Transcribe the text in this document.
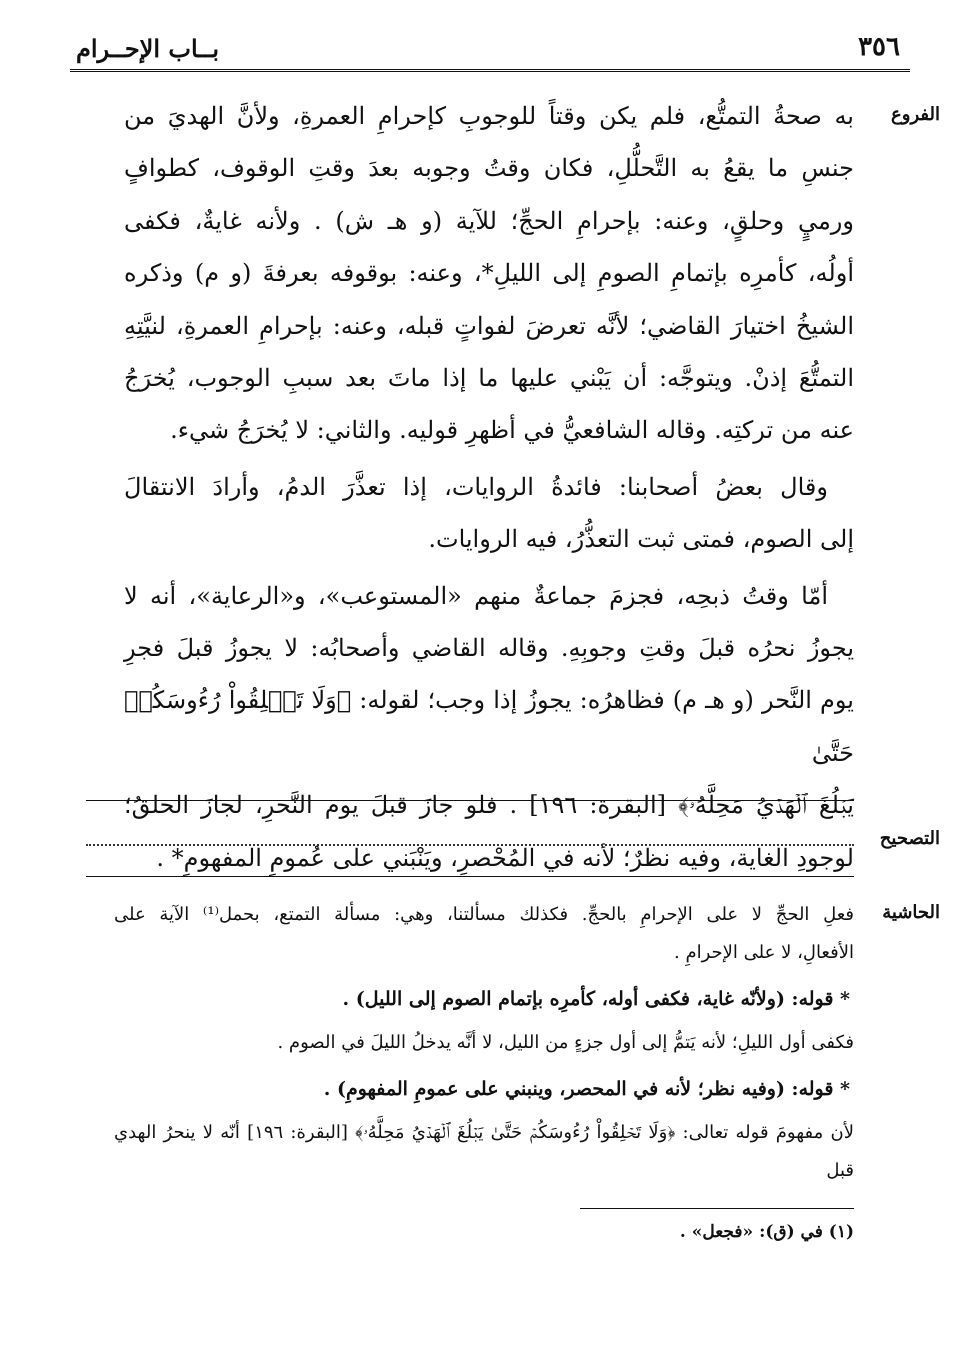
٣٥٦
بــاب الإحــرام
الفروع

به صحةُ التمتُّع، فلم يكن وقتاً للوجوبِ كإحرامِ العمرةِ، ولأنَّ الهديَ من

جنسِ ما يقعُ به التَّحلُّلِ، فكان وقتُ وجوبه بعدَ وقتِ الوقوف، كطوافٍ

ورميٍ وحلقٍ، وعنه: بإحرامِ الحجِّ؛ للآية (و هـ ش) . ولأنه غايةٌ، فكفى

أولُه، كأمرِه بإتمامِ الصومِ إلى الليلِ*، وعنه: بوقوفه بعرفةَ (و م) وذكره

الشيخُ اختيارَ القاضي؛ لأنَّه تعرضَ لفواتٍ قبله، وعنه: بإحرامِ العمرةِ، لنيَّتِهِ

التمتُّعَ إذنْ. ويتوجَّه: أن يَبْني عليها ما إذا ماتَ بعد سببِ الوجوب، يُخرَجُ

عنه من تركتِه. وقاله الشافعيُّ في أظهرِ قوليه. والثاني: لا يُخرَجُ شيء.

وقال بعضُ أصحابنا: فائدةُ الروايات، إذا تعذَّرَ الدمُ، وأرادَ الانتقالَ

إلى الصوم، فمتى ثبت التعذُّرُ، فيه الروايات.

أمّا وقتُ ذبحِه، فجزمَ جماعةٌ منهم «المستوعب»، و«الرعاية»، أنه لا

يجوزُ نحرُه قبلَ وقتِ وجوبِهِ. وقاله القاضي وأصحابُه: لا يجوزُ قبلَ فجرِ

يوم النَّحر (و هـ م) فظاهرُه: يجوزُ إذا وجب؛ لقوله: ﴿وَلَا تَحۡلِقُواْ رُءُوسَكُمۡ حَتَّىٰ

يَبۡلُغَ ٱلۡهَدۡيُ مَحِلَّهُۥ﴾ [البقرة: ١٩٦] . فلو جازَ قبلَ يوم النَّحرِ، لجازَ الحلقُ؛

لوجودِ الغاية، وفيه نظرٌ؛ لأنه في المُحْصرِ، ويَنْبَني على عُمومِ المفهومِ* .

التصحيح
الحاشية

فعلِ الحجِّ لا على الإحرامِ بالحجِّ. فكذلك مسألتنا، وهي: مسألة التمتع، بحمل⁽¹⁾ الآية على

الأفعالِ، لا على الإحرامِ .

* قوله: (ولأنّه غاية، فكفى أوله، كأمرِه بإتمام الصوم إلى الليل) .

فكفى أول الليلِ؛ لأنه يَتمُّ إلى أول جزءٍ من الليل، لا أنَّه يدخلُ الليلَ في الصوم .

* قوله: (وفيه نظر؛ لأنه في المحصر، وينبني على عمومِ المفهومِ) .

لأن مفهومَ قوله تعالى: ﴿وَلَا تَحۡلِقُواْ رُءُوسَكُمۡ حَتَّىٰ يَبۡلُغَ ٱلۡهَدۡيُ مَحِلَّهُۥ﴾ [البقرة: ١٩٦] أنّه لا ينحرُ الهدي قبل

(١) في (ق): «فجعل» .
